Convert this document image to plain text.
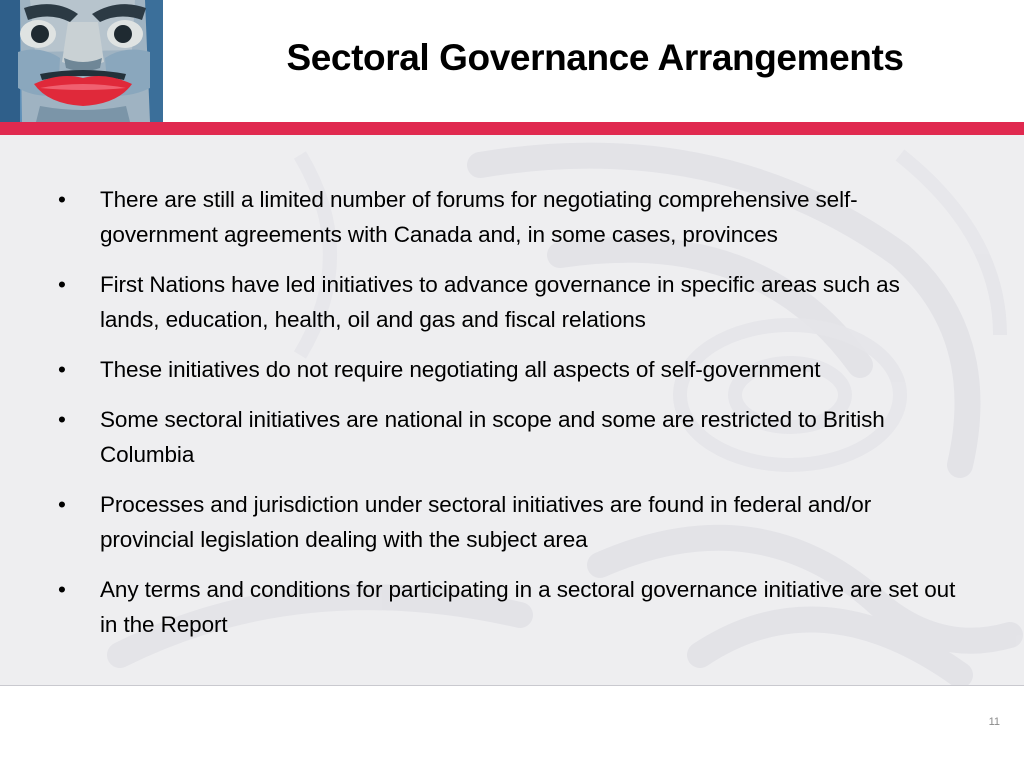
Sectoral Governance Arrangements
•	There are still a limited number of forums for negotiating comprehensive self-government agreements with Canada and, in some cases, provinces
•	First Nations have led initiatives to advance governance in specific areas such as lands, education, health, oil and gas and fiscal relations
•	These initiatives do not require negotiating all aspects of self-government
•	Some sectoral initiatives are national in scope and some are restricted to British Columbia
•	Processes and jurisdiction under sectoral initiatives are found in federal and/or provincial legislation dealing with the subject area
•	Any terms and conditions for participating in a sectoral governance initiative are set out in the Report
11
